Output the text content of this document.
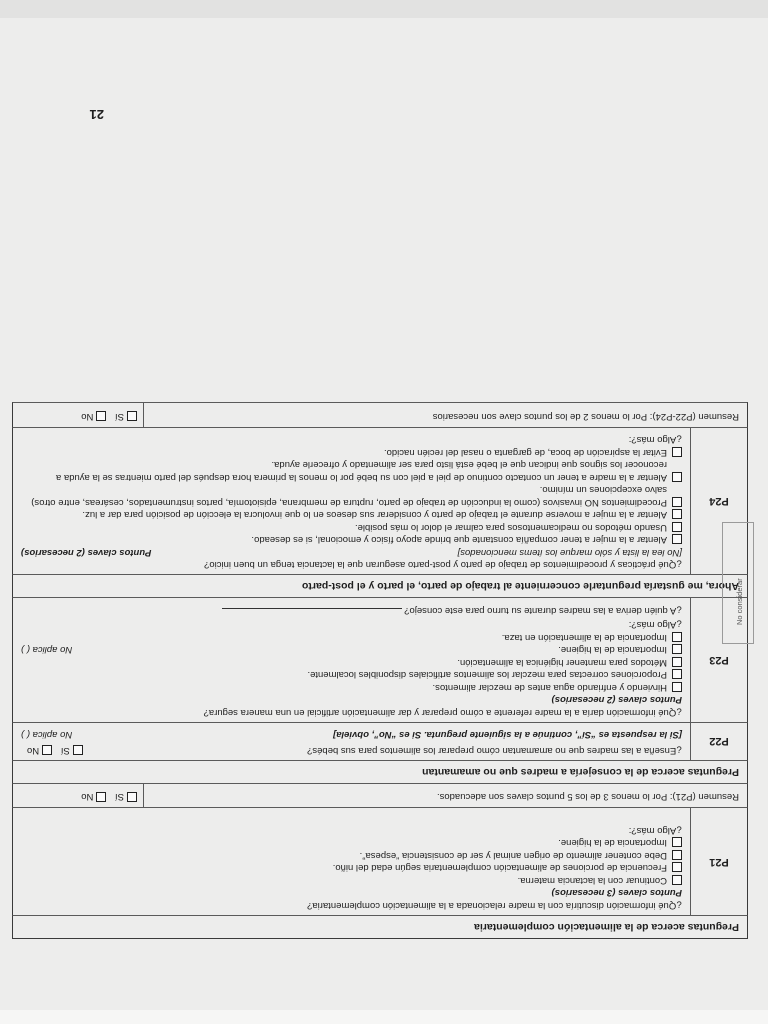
Preguntas acerca de la alimentación complementaria
P21

¿Qué información discutiría con la madre relacionada a la alimentación complementaria?

Puntos claves (3 necesarios)
Continuar con la lactancia materna.
Frecuencia de porciones de alimentación complementaria según edad del niño.
Debe contener alimento de origen animal y ser de consistencia “espesa”.
Importancia de la higiene.

¿Algo más?:

Resumen (P21): Por lo menos 3 de los 5 puntos claves son adecuados.
Sí

No
Preguntas acerca de la consejería a madres que no amamantan
P22
¿Enseña a las madres que no amamantan cómo preparar los alimentos para sus bebés?
Sí

No
[Si la respuesta es “Sí”, continúe a la siguiente pregunta. Si es “No”, obviela]
No aplica ( )
P23

¿Qué información daría a la madre referente a cómo preparar y dar alimentación artificial en una manera segura?

Puntos claves (2 necesarios)
Hirviendo y enfriando agua antes de mezclar alimentos.
Proporciones correctas para mezclar los alimentos artificiales disponibles localmente.
Métodos para mantener higiénica la alimentación.
Importancia de la higiene.
No aplica ( )
Importancia de la alimentación en taza.

¿Algo más?:

¿A quién deriva a las madres durante su turno para este consejo?

Ahora, me gustaría preguntarle concerniente al trabajo de parto, el parto y el post-parto
P24

¿Qué prácticas y procedimientos de trabajo de parto y post-parto aseguran que la lactancia tenga un buen inicio?

[No lea la lista y sólo marque los ítems mencionados]
Puntos claves (2 necesarios)
Alentar a la mujer a tener compañía constante que brinde apoyo físico y emocional, si es deseado.
Usando métodos no medicamentosos para calmar el dolor lo más posible.
Alentar a la mujer a moverse durante el trabajo de parto y considerar sus deseos en lo que involucra la elección de posición para dar a luz.
Procedimientos NO invasivos (como la inducción de trabajo de parto, ruptura de membrana, episiotomía, partos instrumentados, cesáreas, entre otros) salvo excepciones un mínimo.
Alentar a la madre a tener un contacto continuo de piel a piel con su bebé por lo menos la primera hora después del parto mientras se la ayuda a reconocer los signos que indican que el bebé está listo para ser alimentado y ofrecerle ayuda.
Evitar la aspiración de boca, de garganta o nasal del recién nacido.

¿Algo más?:

Resumen (P22-P24): Por lo menos 2 de los puntos clave son necesarios
Sí

No
No considerar
21
